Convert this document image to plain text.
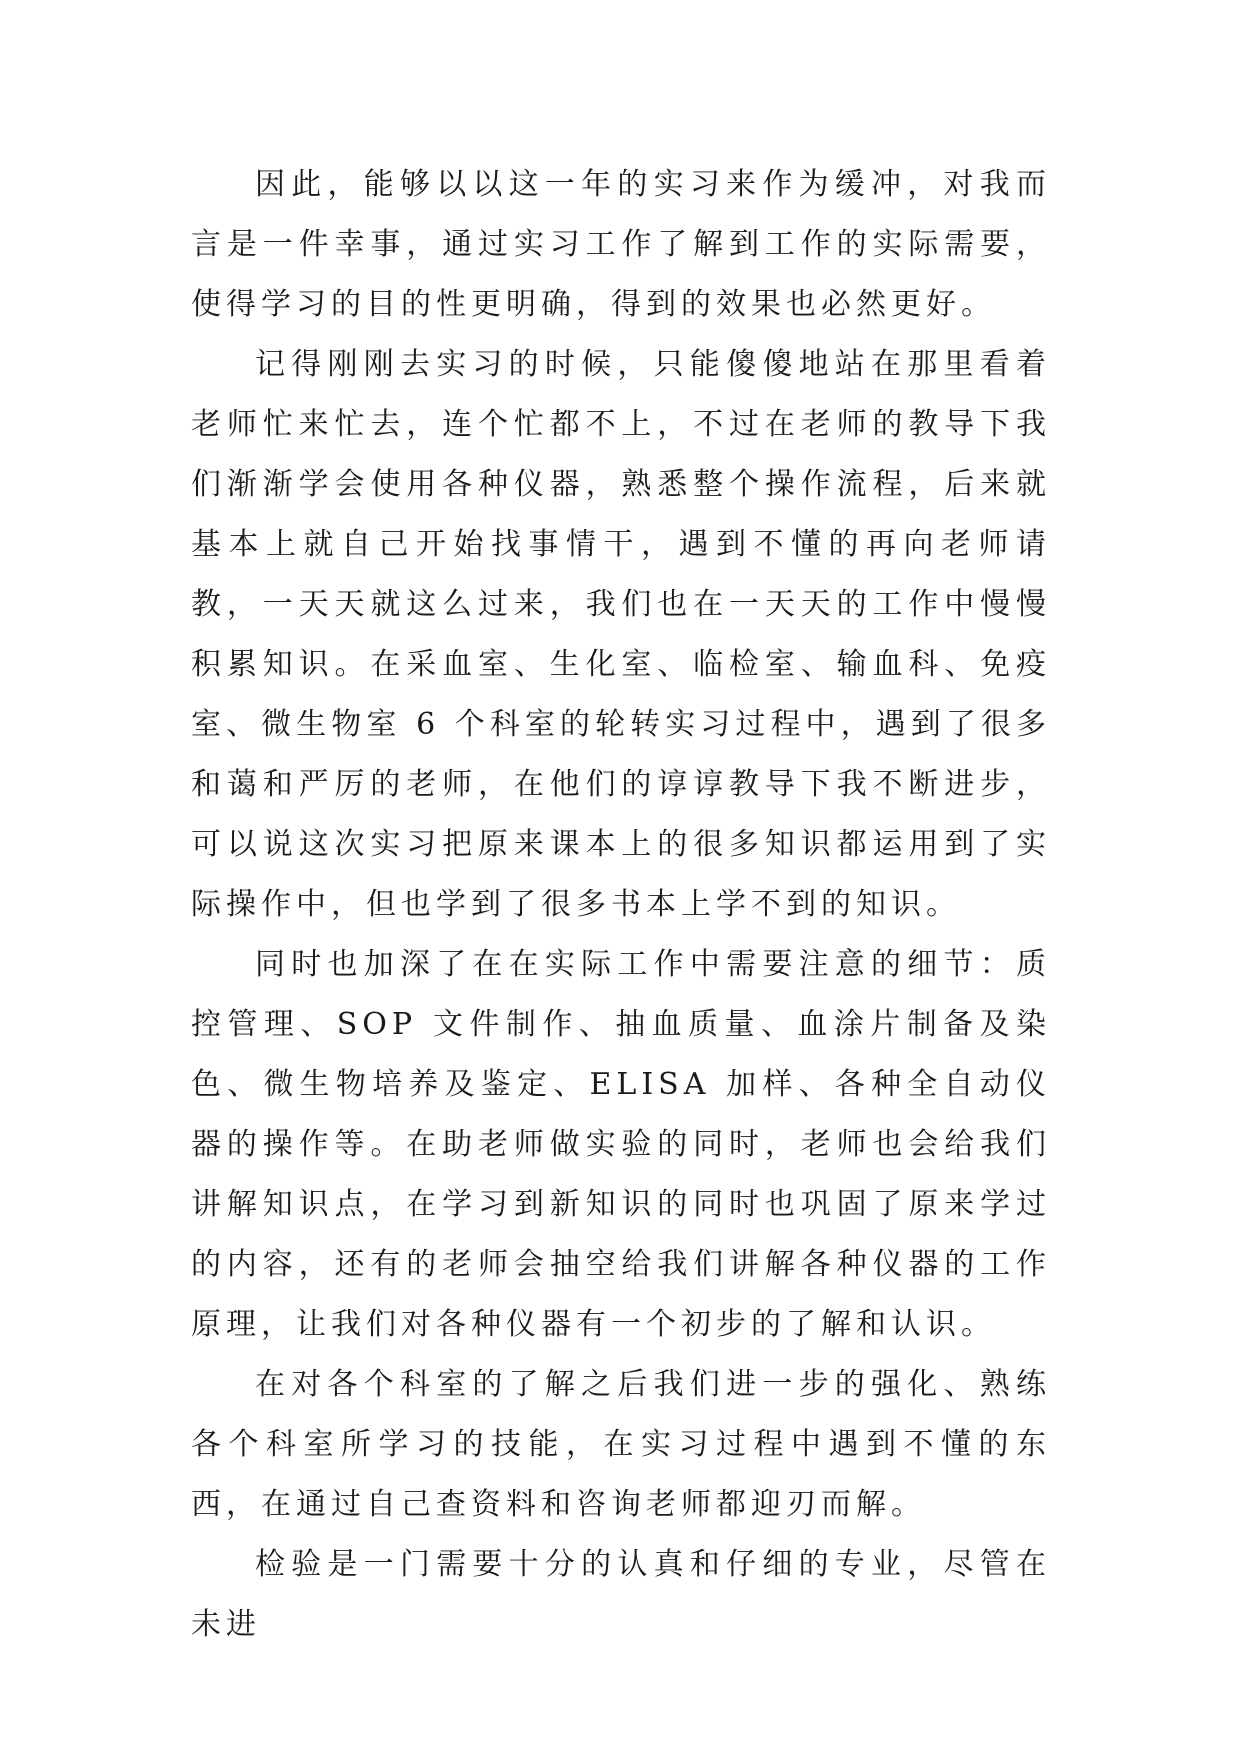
因此，能够以以这一年的实习来作为缓冲，对我而言是一件幸事，通过实习工作了解到工作的实际需要，使得学习的目的性更明确，得到的效果也必然更好。

记得刚刚去实习的时候，只能傻傻地站在那里看着老师忙来忙去，连个忙都不上，不过在老师的教导下我们渐渐学会使用各种仪器，熟悉整个操作流程，后来就基本上就自己开始找事情干，遇到不懂的再向老师请教，一天天就这么过来，我们也在一天天的工作中慢慢积累知识。在采血室、生化室、临检室、输血科、免疫室、微生物室 6 个科室的轮转实习过程中，遇到了很多和蔼和严厉的老师，在他们的谆谆教导下我不断进步，可以说这次实习把原来课本上的很多知识都运用到了实际操作中，但也学到了很多书本上学不到的知识。

同时也加深了在在实际工作中需要注意的细节：质控管理、SOP 文件制作、抽血质量、血涂片制备及染色、微生物培养及鉴定、ELISA 加样、各种全自动仪器的操作等。在助老师做实验的同时，老师也会给我们讲解知识点，在学习到新知识的同时也巩固了原来学过的内容，还有的老师会抽空给我们讲解各种仪器的工作原理，让我们对各种仪器有一个初步的了解和认识。

在对各个科室的了解之后我们进一步的强化、熟练各个科室所学习的技能，在实习过程中遇到不懂的东西，在通过自己查资料和咨询老师都迎刃而解。

检验是一门需要十分的认真和仔细的专业，尽管在未进
